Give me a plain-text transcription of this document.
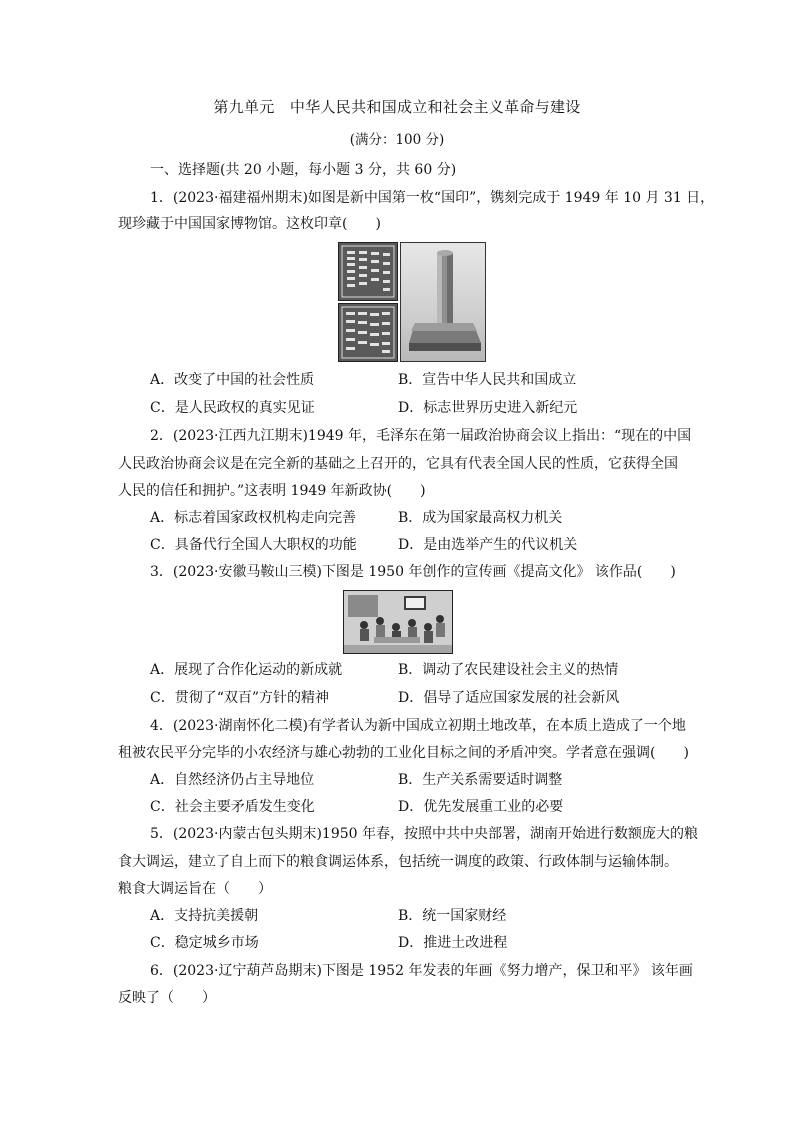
第九单元　中华人民共和国成立和社会主义革命与建设
(满分：100 分)
一、选择题(共 20 小题，每小题 3 分，共 60 分)
1．(2023·福建福州期末)如图是新中国第一枚“国印”，镌刻完成于 1949 年 10 月 31 日，
现珍藏于中国国家博物馆。这枚印章(　　)
A．改变了中国的社会性质	B．宣告中华人民共和国成立
C．是人民政权的真实见证	D．标志世界历史进入新纪元
2．(2023·江西九江期末)1949 年，毛泽东在第一届政治协商会议上指出：“现在的中国
人民政治协商会议是在完全新的基础之上召开的，它具有代表全国人民的性质，它获得全国
人民的信任和拥护。”这表明 1949 年新政协(　　)
A．标志着国家政权机构走向完善	B．成为国家最高权力机关
C．具备代行全国人大职权的功能	D．是由选举产生的代议机关
3．(2023·安徽马鞍山三模)下图是 1950 年创作的宣传画《提高文化》 该作品(　　)
A．展现了合作化运动的新成就	B．调动了农民建设社会主义的热情
C．贯彻了“双百”方针的精神	D．倡导了适应国家发展的社会新风
4．(2023·湖南怀化二模)有学者认为新中国成立初期土地改革，在本质上造成了一个地
租被农民平分完毕的小农经济与雄心勃勃的工业化目标之间的矛盾冲突。学者意在强调(　　)
A．自然经济仍占主导地位	B．生产关系需要适时调整
C．社会主要矛盾发生变化	D．优先发展重工业的必要
5．(2023·内蒙古包头期末)1950 年春，按照中共中央部署，湖南开始进行数额庞大的粮
食大调运，建立了自上而下的粮食调运体系，包括统一调度的政策、行政体制与运输体制。
粮食大调运旨在（　　）
A．支持抗美援朝	B．统一国家财经
C．稳定城乡市场	D．推进土改进程
6．(2023·辽宁葫芦岛期末)下图是 1952 年发表的年画《努力增产，保卫和平》 该年画
反映了（　　）
